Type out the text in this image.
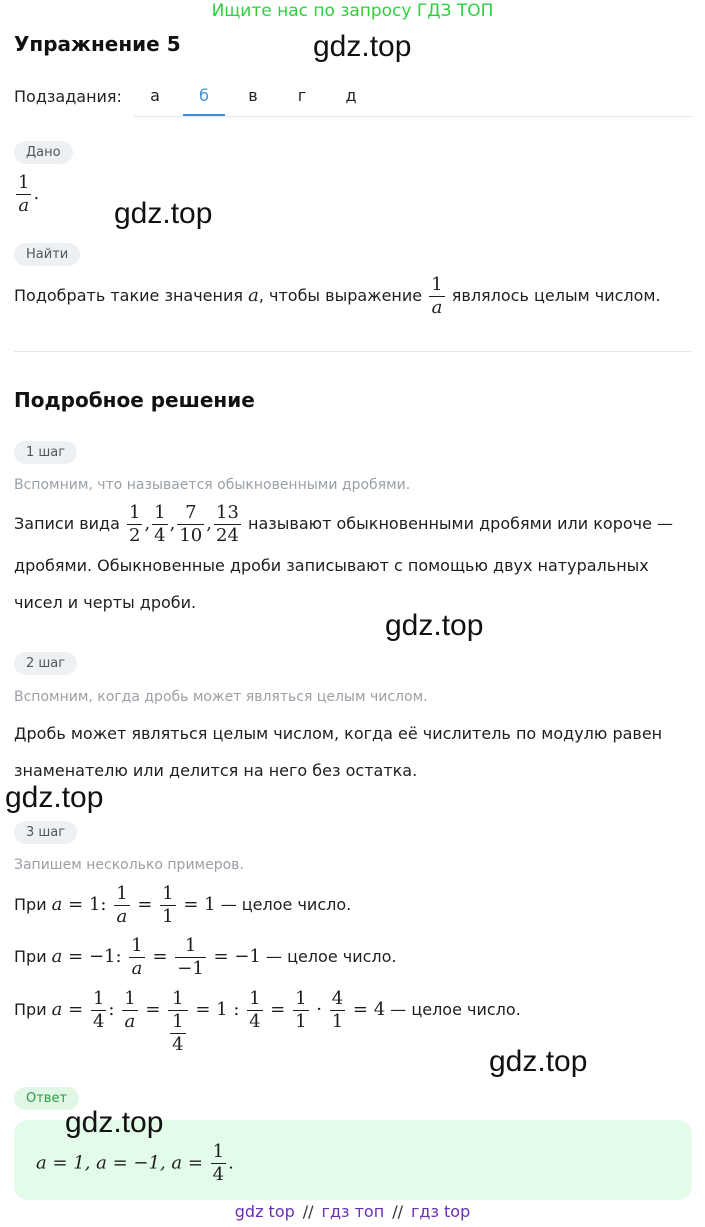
Ищите нас по запросу ГДЗ ТОП
Упражнение 5	gdz.top
Подзадания:	а	б	в	г	д
Дано
$\frac{1}{a}$ .
gdz.top
Найти
Подобрать такие значения a, чтобы выражение $\frac{1}{a}$ являлось целым числом.
Подробное решение
1 шаг
Вспомним, что называется обыкновенными дробями.
Записи вида $\frac{1}{2}$ , $\frac{1}{4}$ , $\frac{7}{10}$ , $\frac{13}{24}$ называют обыкновенными дробями или короче —
дробями. Обыкновенные дроби записывают с помощью двух натуральных
чисел и черты дроби.
gdz.top
2 шаг
Вспомним, когда дробь может являться целым числом.
Дробь может являться целым числом, когда её числитель по модулю равен
знаменателю или делится на него без остатка.
gdz.top
3 шаг
Запишем несколько примеров.
При a = 1: $\frac{1}{a} = \frac{1}{1} = 1$ — целое число.
При a = −1: $\frac{1}{a} = \frac{1}{-1} = -1$ — целое число.
При $a = \frac{1}{4}$ : $\frac{1}{a} = \frac{1}{\frac{1}{4}} = 1$ : $\frac{1}{4} = \frac{1}{1} \cdot \frac{4}{1} = 4$ — целое число.
gdz.top
Ответ
gdz.top
a = 1, a = −1, $a = \frac{1}{4}$ .
gdz top // гдз топ // гдз top
